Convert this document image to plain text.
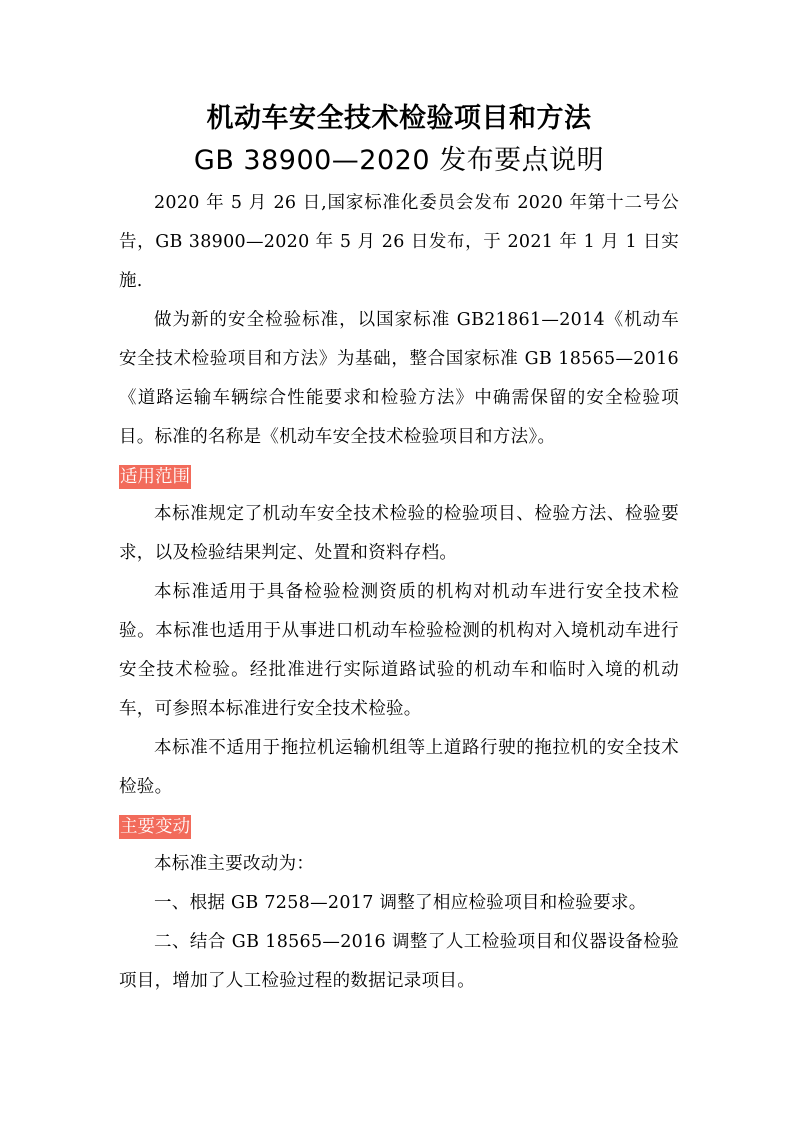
机动车安全技术检验项目和方法
GB 38900—2020 发布要点说明

2020 年 5 月 26 日,国家标准化委员会发布 2020 年第十二号公告，GB 38900—2020 年 5 月 26 日发布，于 2021 年 1 月 1 日实施.

做为新的安全检验标准，以国家标准 GB21861—2014《机动车安全技术检验项目和方法》为基础，整合国家标准 GB 18565—2016《道路运输车辆综合性能要求和检验方法》中确需保留的安全检验项目。标准的名称是《机动车安全技术检验项目和方法》。

适用范围

本标准规定了机动车安全技术检验的检验项目、检验方法、检验要求，以及检验结果判定、处置和资料存档。

本标准适用于具备检验检测资质的机构对机动车进行安全技术检验。本标准也适用于从事进口机动车检验检测的机构对入境机动车进行安全技术检验。经批准进行实际道路试验的机动车和临时入境的机动车，可参照本标准进行安全技术检验。

本标准不适用于拖拉机运输机组等上道路行驶的拖拉机的安全技术检验。

主要变动

本标准主要改动为：

一、根据 GB 7258—2017 调整了相应检验项目和检验要求。

二、结合 GB 18565—2016 调整了人工检验项目和仪器设备检验项目，增加了人工检验过程的数据记录项目。
